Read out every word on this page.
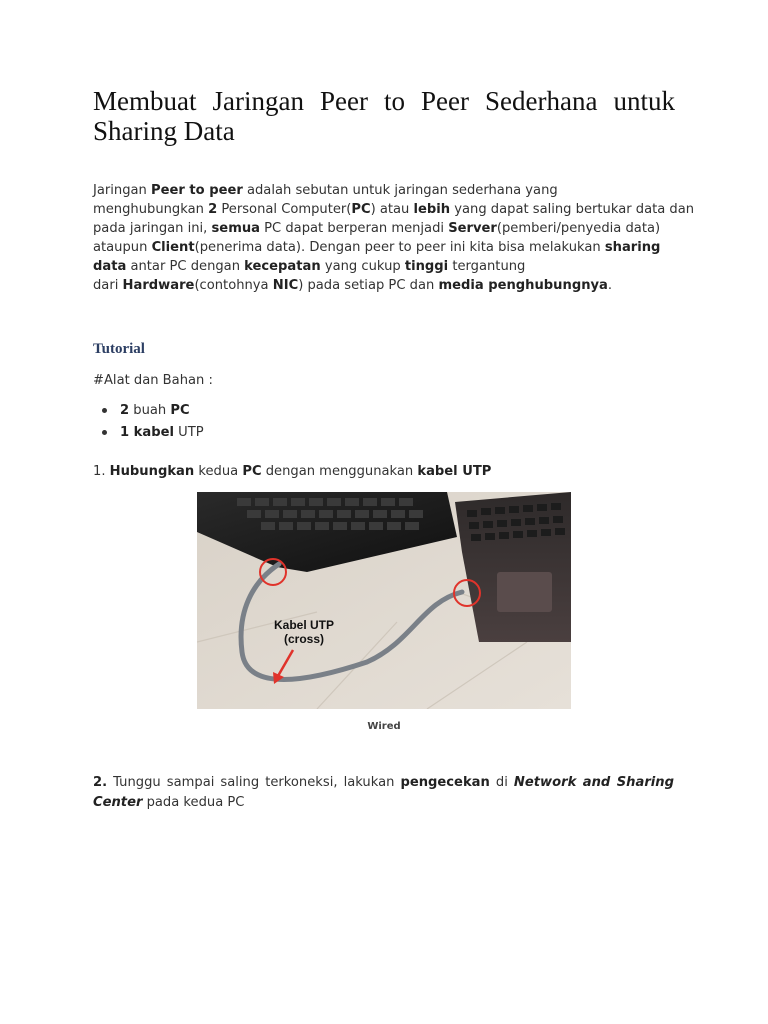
Membuat Jaringan Peer to Peer Sederhana untuk
Sharing Data
Jaringan Peer to peer adalah sebutan untuk jaringan sederhana yang
menghubungkan 2 Personal Computer(PC) atau lebih yang dapat saling bertukar data dan
pada jaringan ini, semua PC dapat berperan menjadi Server(pemberi/penyedia data)
ataupun Client(penerima data). Dengan peer to peer ini kita bisa melakukan sharing
data antar PC dengan kecepatan yang cukup tinggi tergantung
dari Hardware(contohnya NIC) pada setiap PC dan media penghubungnya.
Tutorial
#Alat dan Bahan :
2 buah PC
1 kabel UTP
1. Hubungkan kedua PC dengan menggunakan kabel UTP
Kabel UTP
(cross)
Wired
2. Tunggu sampai saling terkoneksi, lakukan pengecekan di Network and Sharing
Center pada kedua PC
